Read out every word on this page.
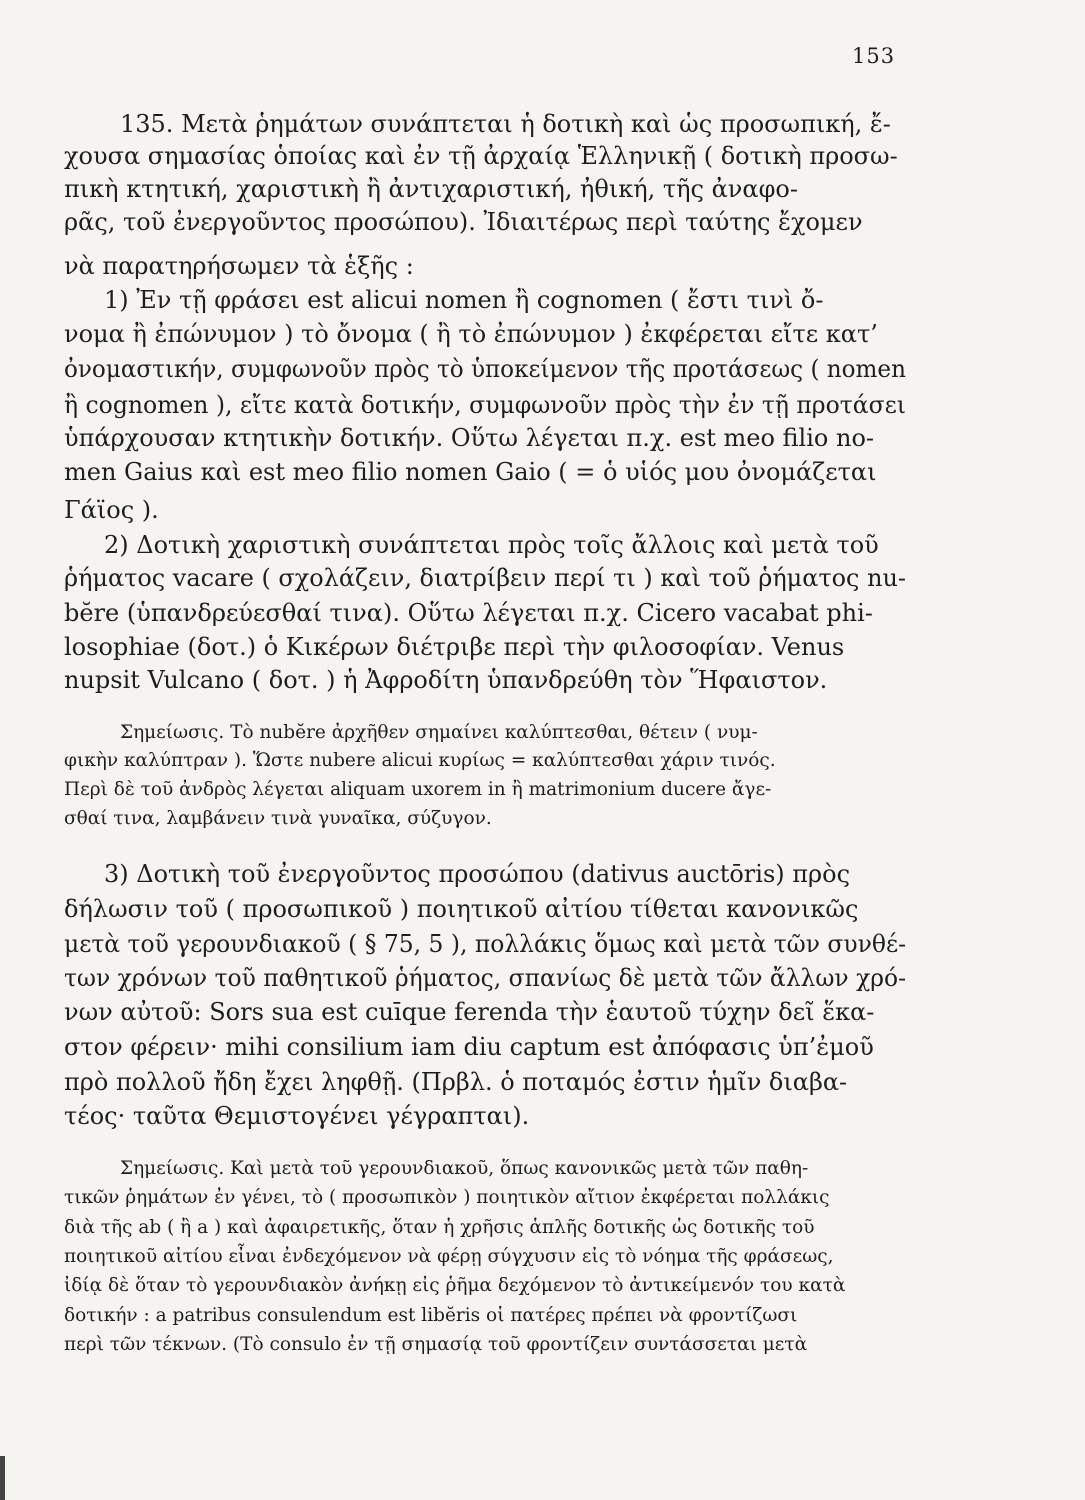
153
135. Μετὰ ῥημάτων συνάπτεται ἡ δοτικὴ καὶ ὡς προσωπική, ἔ-
χουσα σημασίας ὁποίας καὶ ἐν τῇ ἀρχαίᾳ Ἑλληνικῇ ( δοτικὴ προσω-
πικὴ κτητική, χαριστικὴ ἢ ἀντιχαριστική, ἠθική, τῆς ἀναφο-
ρᾶς, τοῦ ἐνεργοῦντος προσώπου). Ἰδιαιτέρως περὶ ταύτης ἔχομεν
νὰ παρατηρήσωμεν τὰ ἑξῆς :
1) Ἐν τῇ φράσει est alicui nomen ἢ cognomen ( ἔστι τινὶ ὄ-
νομα ἢ ἐπώνυμον ) τὸ ὄνομα ( ἢ τὸ ἐπώνυμον ) ἐκφέρεται εἴτε κατ’
ὀνομαστικήν, συμφωνοῦν πρὸς τὸ ὑποκείμενον τῆς προτάσεως ( nomen
ἢ cognomen ), εἴτε κατὰ δοτικήν, συμφωνοῦν πρὸς τὴν ἐν τῇ προτάσει
ὑπάρχουσαν κτητικὴν δοτικήν. Οὕτω λέγεται π.χ. est meo filio no-
men Gaius καὶ est meo filio nomen Gaio ( = ὁ υἱός μου ὀνομάζεται
Γάϊος ).
2) Δοτικὴ χαριστικὴ συνάπτεται πρὸς τοῖς ἄλλοις καὶ μετὰ τοῦ
ῥήματος vacare ( σχολάζειν, διατρίβειν περί τι ) καὶ τοῦ ῥήματος nu-
bĕre (ὑπανδρεύεσθαί τινα). Οὕτω λέγεται π.χ. Cicero vacabat phi-
losophiae (δοτ.) ὁ Κικέρων διέτριβε περὶ τὴν φιλοσοφίαν. Venus
nupsit Vulcano ( δοτ. ) ἡ Ἀφροδίτη ὑπανδρεύθη τὸν Ἥφαιστον.
Σημείωσις. Τὸ nubĕre ἀρχῆθεν σημαίνει καλύπτεσθαι, θέτειν ( νυμ-
φικὴν καλύπτραν ). Ὥστε nubere alicui κυρίως = καλύπτεσθαι χάριν τινός.
Περὶ δὲ τοῦ ἀνδρὸς λέγεται aliquam uxorem in ἢ matrimonium ducere ἄγε-
σθαί τινα, λαμβάνειν τινὰ γυναῖκα, σύζυγον.
3) Δοτικὴ τοῦ ἐνεργοῦντος προσώπου (dativus auctōris) πρὸς
δήλωσιν τοῦ ( προσωπικοῦ ) ποιητικοῦ αἰτίου τίθεται κανονικῶς
μετὰ τοῦ γερουνδιακοῦ ( § 75, 5 ), πολλάκις ὅμως καὶ μετὰ τῶν συνθέ-
των χρόνων τοῦ παθητικοῦ ῥήματος, σπανίως δὲ μετὰ τῶν ἄλλων χρό-
νων αὐτοῦ: Sors sua est cuīque ferenda τὴν ἑαυτοῦ τύχην δεῖ ἕκα-
στον φέρειν· mihi consilium iam diu captum est ἀπόφασις ὑπ’ἐμοῦ
πρὸ πολλοῦ ἤδη ἔχει ληφθῇ. (Πρβλ. ὁ ποταμός ἐστιν ἡμῖν διαβα-
τέος· ταῦτα Θεμιστογένει γέγραπται).
Σημείωσις. Καὶ μετὰ τοῦ γερουνδιακοῦ, ὅπως κανονικῶς μετὰ τῶν παθη-
τικῶν ῥημάτων ἐν γένει, τὸ ( προσωπικὸν ) ποιητικὸν αἴτιον ἐκφέρεται πολλάκις
διὰ τῆς ab ( ἢ a ) καὶ ἀφαιρετικῆς, ὅταν ἡ χρῆσις ἁπλῆς δοτικῆς ὡς δοτικῆς τοῦ
ποιητικοῦ αἰτίου εἶναι ἐνδεχόμενον νὰ φέρῃ σύγχυσιν εἰς τὸ νόημα τῆς φράσεως,
ἰδίᾳ δὲ ὅταν τὸ γερουνδιακὸν ἀνήκῃ εἰς ῥῆμα δεχόμενον τὸ ἀντικείμενόν του κατὰ
δοτικήν : a patribus consulendum est libĕris οἱ πατέρες πρέπει νὰ φροντίζωσι
περὶ τῶν τέκνων. (Τὸ consulo ἐν τῇ σημασίᾳ τοῦ φροντίζειν συντάσσεται μετὰ
